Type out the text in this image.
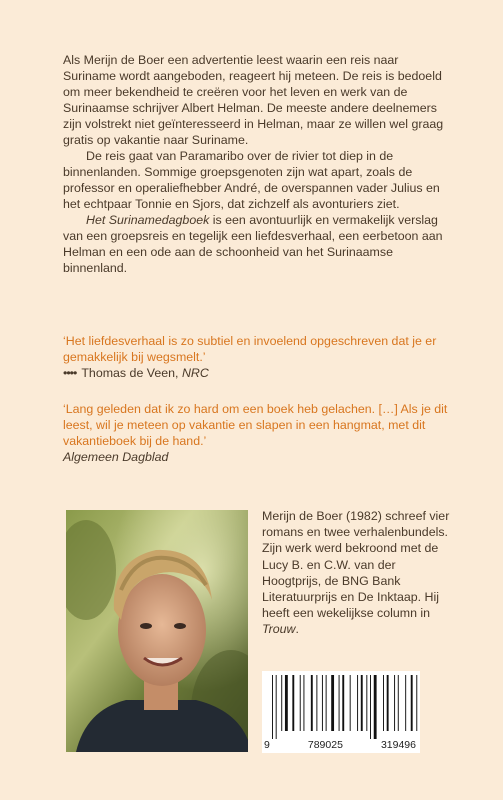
Als Merijn de Boer een advertentie leest waarin een reis naar Suriname wordt aangeboden, reageert hij meteen. De reis is bedoeld om meer bekendheid te creëren voor het leven en werk van de Surinaamse schrijver Albert Helman. De meeste andere deelnemers zijn volstrekt niet geïnteresseerd in Helman, maar ze willen wel graag gratis op vakantie naar Suriname.

De reis gaat van Paramaribo over de rivier tot diep in de binnenlanden. Sommige groepsgenoten zijn wat apart, zoals de professor en operaliefhebber André, de overspannen vader Julius en het echtpaar Tonnie en Sjors, dat zichzelf als avonturiers ziet.

Het Surinamedagboek is een avontuurlijk en vermakelijk verslag van een groepsreis en tegelijk een liefdesverhaal, een eerbetoon aan Helman en een ode aan de schoonheid van het Surinaamse binnenland.

‘Het liefdesverhaal is zo subtiel en invoelend opgeschreven dat je er gemakkelijk bij wegsmelt.’

•••• Thomas de Veen, NRC

‘Lang geleden dat ik zo hard om een boek heb gelachen. […] Als je dit leest, wil je meteen op vakantie en slapen in een hangmat, met dit vakantieboek bij de hand.’

Algemeen Dagblad

Merijn de Boer (1982) schreef vier romans en twee verhalenbundels. Zijn werk werd bekroond met de Lucy B. en C.W. van der Hoogtprijs, de BNG Bank Literatuurprijs en De Inktaap. Hij heeft een wekelijkse column in Trouw.

9	789025	319496
